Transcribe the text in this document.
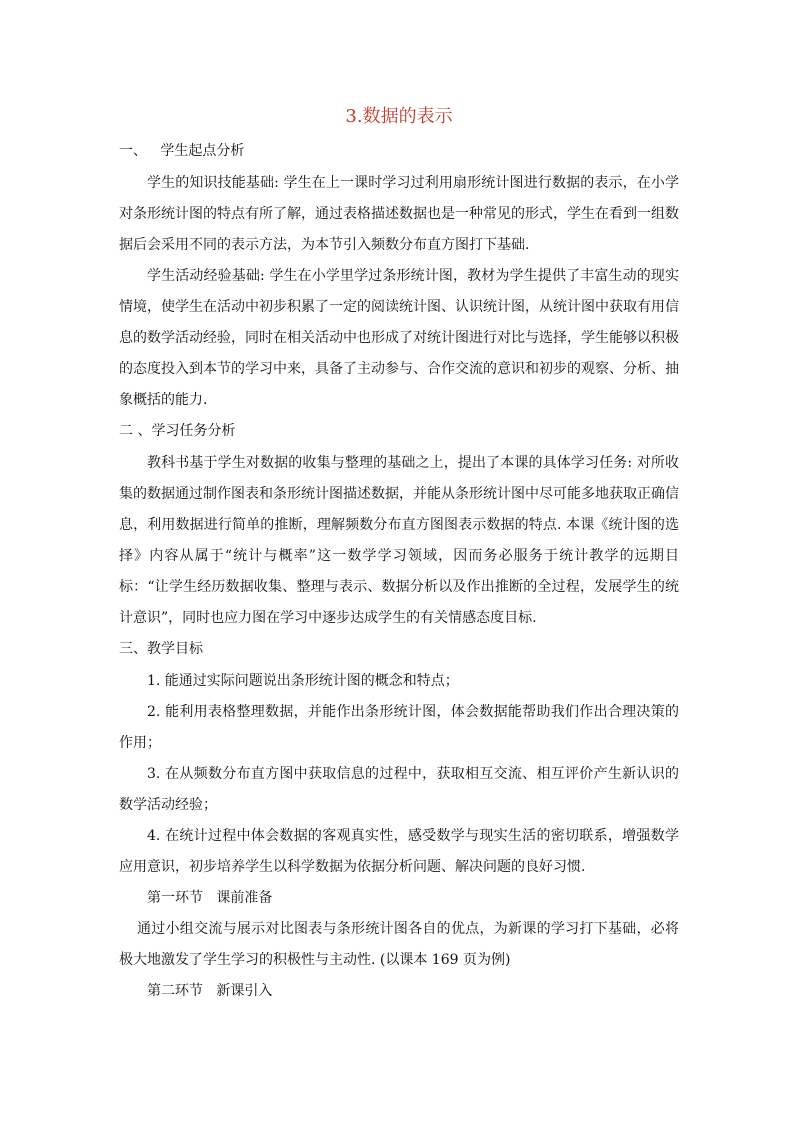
3.数据的表示
一、   学生起点分析

学生的知识技能基础: 学生在上一课时学习过利用扇形统计图进行数据的表示，在小学对条形统计图的特点有所了解，通过表格描述数据也是一种常见的形式，学生在看到一组数据后会采用不同的表示方法，为本节引入频数分布直方图打下基础.

学生活动经验基础: 学生在小学里学过条形统计图，教材为学生提供了丰富生动的现实情境，使学生在活动中初步积累了一定的阅读统计图、认识统计图，从统计图中获取有用信息的数学活动经验，同时在相关活动中也形成了对统计图进行对比与选择，学生能够以积极的态度投入到本节的学习中来，具备了主动参与、合作交流的意识和初步的观察、分析、抽象概括的能力.

二 、学习任务分析

教科书基于学生对数据的收集与整理的基础之上，提出了本课的具体学习任务: 对所收集的数据通过制作图表和条形统计图描述数据，并能从条形统计图中尽可能多地获取正确信息，利用数据进行简单的推断，理解频数分布直方图图表示数据的特点. 本课《统计图的选择》内容从属于“统计与概率”这一数学学习领域，因而务必服务于统计教学的远期目标：“让学生经历数据收集、整理与表示、数据分析以及作出推断的全过程，发展学生的统计意识”，同时也应力图在学习中逐步达成学生的有关情感态度目标.

三、教学目标

1. 能通过实际问题说出条形统计图的概念和特点；

2. 能利用表格整理数据，并能作出条形统计图，体会数据能帮助我们作出合理决策的作用；

3. 在从频数分布直方图中获取信息的过程中，获取相互交流、相互评价产生新认识的数学活动经验；

4. 在统计过程中体会数据的客观真实性，感受数学与现实生活的密切联系，增强数学应用意识，初步培养学生以科学数据为依据分析问题、解决问题的良好习惯.

第一环节   课前准备

通过小组交流与展示对比图表与条形统计图各自的优点，为新课的学习打下基础，必将极大地激发了学生学习的积极性与主动性. (以课本 169 页为例)

第二环节   新课引入
